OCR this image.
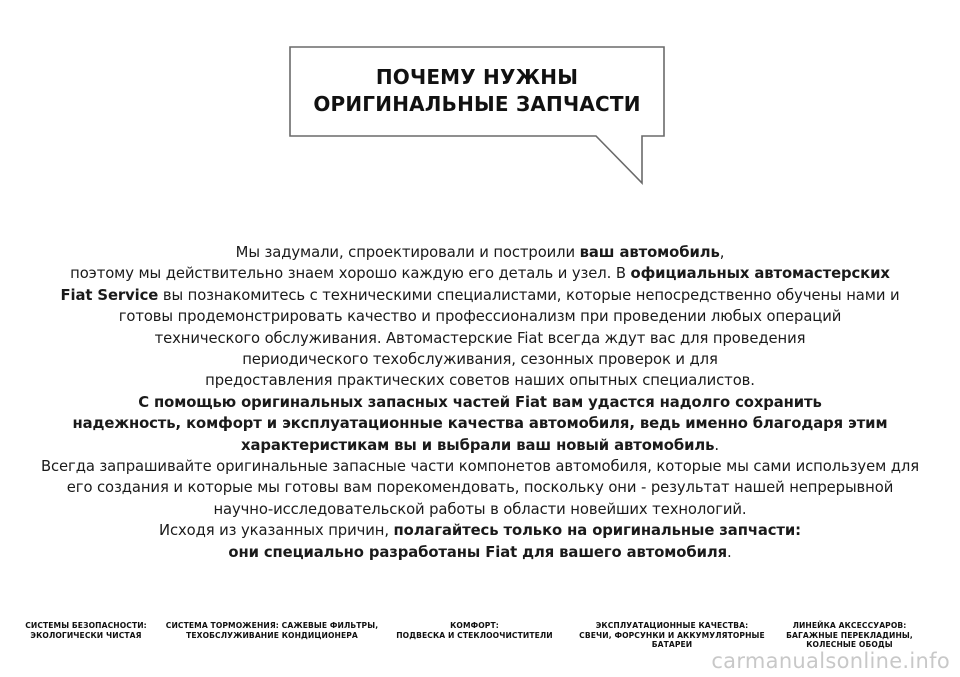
ПОЧЕМУ НУЖНЫ
ОРИГИНАЛЬНЫЕ ЗАПЧАСТИ
Мы задумали, спроектировали и построили ваш автомобиль,
поэтому мы действительно знаем хорошо каждую его деталь и узел. В официальных автомастерских
Fiat Service вы познакомитесь с техническими специалистами, которые непосредственно обучены нами и
готовы продемонстрировать качество и профессионализм при проведении любых операций
технического обслуживания. Автомастерские Fiat всегда ждут вас для проведения
периодического техобслуживания, сезонных проверок и для
предоставления практических советов наших опытных специалистов.
С помощью оригинальных запасных частей Fiat вам удастся надолго сохранить
надежность, комфорт и эксплуатационные качества автомобиля, ведь именно благодаря этим
характеристикам вы и выбрали ваш новый автомобиль.
Всегда запрашивайте оригинальные запасные части компонетов автомобиля, которые мы сами используем для
его создания и которые мы готовы вам порекомендовать, поскольку они - результат нашей непрерывной
научно-исследовательской работы в области новейших технологий.
Исходя из указанных причин, полагайтесь только на оригинальные запчасти:
они специально разработаны Fiat для вашего автомобиля.
СИСТЕМЫ БЕЗОПАСНОСТИ:
ЭКОЛОГИЧЕСКИ ЧИСТАЯ
СИСТЕМА ТОРМОЖЕНИЯ: САЖЕВЫЕ ФИЛЬТРЫ,
ТЕХОБСЛУЖИВАНИЕ КОНДИЦИОНЕРА
КОМФОРТ:
ПОДВЕСКА И СТЕКЛООЧИСТИТЕЛИ
ЭКСПЛУАТАЦИОННЫЕ КАЧЕСТВА:
СВЕЧИ, ФОРСУНКИ И АККУМУЛЯТОРНЫЕ
БАТАРЕИ
ЛИНЕЙКА АКСЕССУАРОВ:
БАГАЖНЫЕ ПЕРЕКЛАДИНЫ,
КОЛЕСНЫЕ ОБОДЫ
carmanualsonline.info
